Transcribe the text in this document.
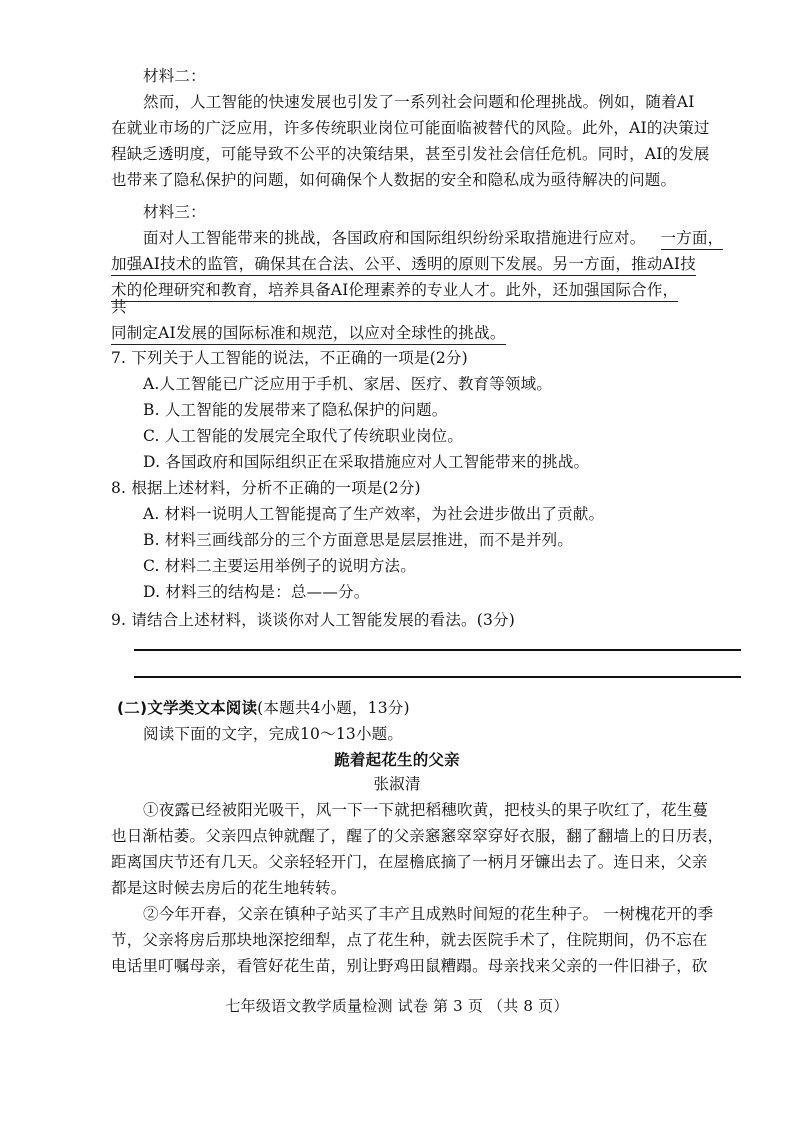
材料二：
然而，人工智能的快速发展也引发了一系列社会问题和伦理挑战。例如，随着AI
在就业市场的广泛应用，许多传统职业岗位可能面临被替代的风险。此外，AI的决策过
程缺乏透明度，可能导致不公平的决策结果，甚至引发社会信任危机。同时，AI的发展
也带来了隐私保护的问题，如何确保个人数据的安全和隐私成为亟待解决的问题。
材料三：
面对人工智能带来的挑战，各国政府和国际组织纷纷采取措施进行应对。 一方面，
加强AI技术的监管，确保其在合法、公平、透明的原则下发展。另一方面，推动AI技
术的伦理研究和教育，培养具备AI伦理素养的专业人才。此外，还加强国际合作，
共
同制定AI发展的国际标准和规范，以应对全球性的挑战。
7. 下列关于人工智能的说法，不正确的一项是(2分)
A.人工智能已广泛应用于手机、家居、医疗、教育等领域。
B. 人工智能的发展带来了隐私保护的问题。
C. 人工智能的发展完全取代了传统职业岗位。
D. 各国政府和国际组织正在采取措施应对人工智能带来的挑战。
8. 根据上述材料，分析不正确的一项是(2分)
A. 材料一说明人工智能提高了生产效率，为社会进步做出了贡献。
B. 材料三画线部分的三个方面意思是层层推进，而不是并列。
C. 材料二主要运用举例子的说明方法。
D. 材料三的结构是：总——分。
9. 请结合上述材料，谈谈你对人工智能发展的看法。(3分)
(二)文学类文本阅读(本题共4小题，13分)
阅读下面的文字，完成10～13小题。
跪着起花生的父亲
张淑清
①夜露已经被阳光吸干，风一下一下就把稻穗吹黄，把枝头的果子吹红了，花生蔓
也日渐枯萎。父亲四点钟就醒了，醒了的父亲窸窸窣窣穿好衣服，翻了翻墙上的日历表，
距离国庆节还有几天。父亲轻轻开门，在屋檐底摘了一柄月牙镰出去了。连日来，父亲
都是这时候去房后的花生地转转。
②今年开春，父亲在镇种子站买了丰产且成熟时间短的花生种子。 一树槐花开的季
节，父亲将房后那块地深挖细犁，点了花生种，就去医院手术了，住院期间，仍不忘在
电话里叮嘱母亲，看管好花生苗，别让野鸡田鼠糟蹋。母亲找来父亲的一件旧褂子，砍
七年级语文教学质量检测 试卷 第 3 页 （共 8 页）
